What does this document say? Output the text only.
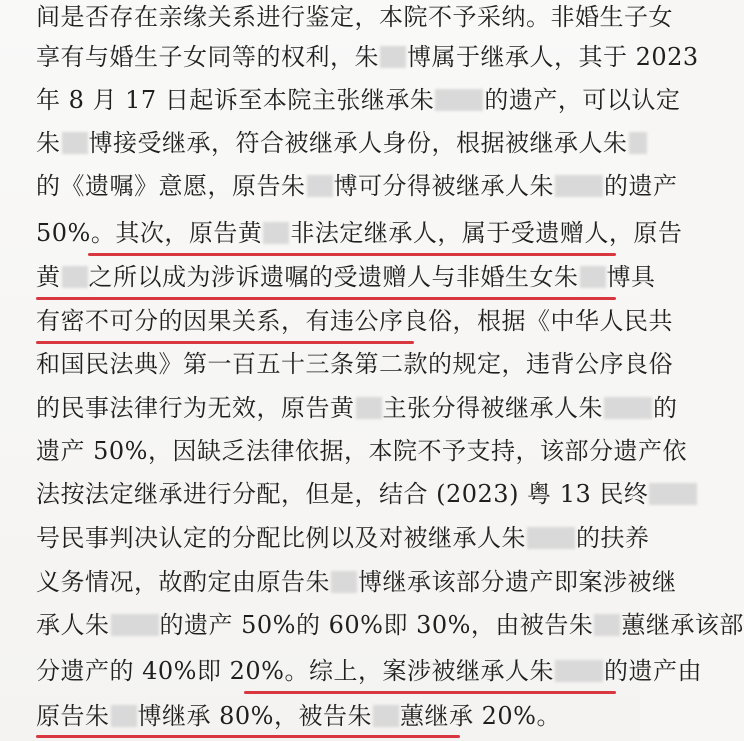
间是否存在亲缘关系进行鉴定，本院不予采纳。非婚生子女
享有与婚生子女同等的权利，朱 博属于继承人，其于 2023
年 8 月 17 日起诉至本院主张继承朱 的遗产，可以认定
朱 博接受继承，符合被继承人身份，根据被继承人朱
的《遗嘱》意愿，原告朱 博可分得被继承人朱 的遗产
50%。其次，原告黄 非法定继承人，属于受遗赠人，原告
黄 之所以成为涉诉遗嘱的受遗赠人与非婚生女朱 博具
有密不可分的因果关系，有违公序良俗，根据《中华人民共
和国民法典》第一百五十三条第二款的规定，违背公序良俗
的民事法律行为无效，原告黄 主张分得被继承人朱 的
遗产 50%，因缺乏法律依据，本院不予支持，该部分遗产依
法按法定继承进行分配，但是，结合 (2023) 粤 13 民终
号民事判决认定的分配比例以及对被继承人朱 的扶养
义务情况，故酌定由原告朱 博继承该部分遗产即案涉被继
承人朱 的遗产 50%的 60%即 30%，由被告朱 蕙继承该部
分遗产的 40%即 20%。综上，案涉被继承人朱 的遗产由
原告朱 博继承 80%，被告朱 蕙继承 20%。
